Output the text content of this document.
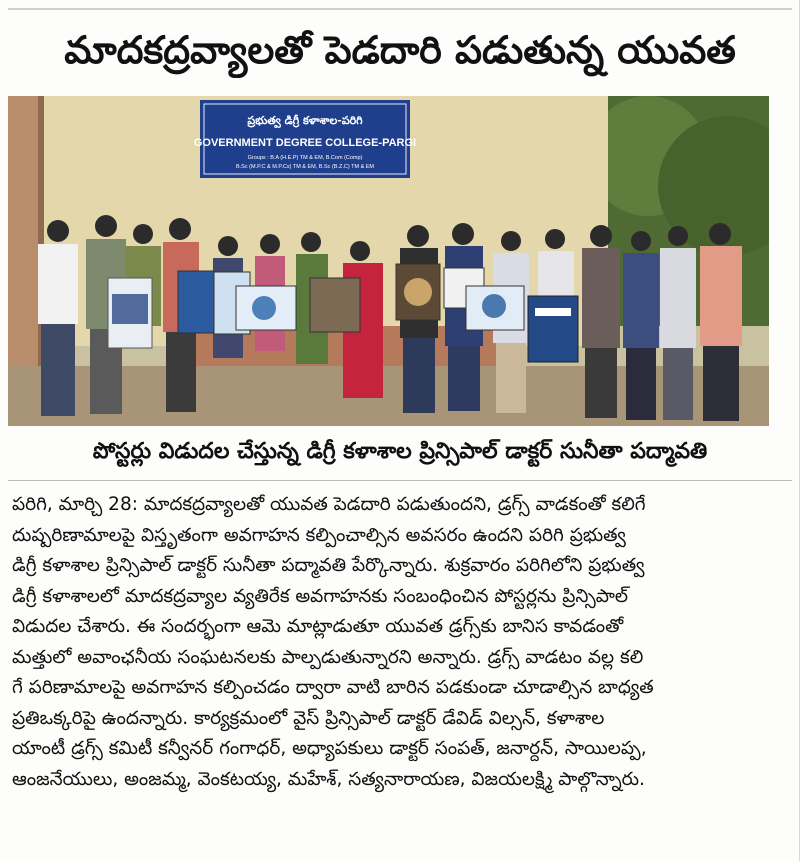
మాదకద్రవ్యాలతో పెడదారి పడుతున్న యువత
ప్రభుత్వ డిగ్రీ కళాశాల-పరిగి
GOVERNMENT DEGREE COLLEGE-PARGI
Groups : B.A (H.E.P) TM & EM, B.Com (Comp)
B.Sc (M.P.C & M.P.Cs) TM & EM, B.Sc (B.Z.C) TM & EM
పోస్టర్లు విడుదల చేస్తున్న డిగ్రీ కళాశాల ప్రిన్సిపాల్ డాక్టర్ సునీతా పద్మావతి
పరిగి, మార్చి 28: మాదకద్రవ్యాలతో యువత పెడదారి పడుతుందని, డ్రగ్స్ వాడకంతో కలిగే
దుష్పరిణామాలపై విస్తృతంగా అవగాహన కల్పించాల్సిన అవసరం ఉందని పరిగి ప్రభుత్వ
డిగ్రీ కళాశాల ప్రిన్సిపాల్ డాక్టర్ సునీతా పద్మావతి పేర్కొన్నారు. శుక్రవారం పరిగిలోని ప్రభుత్వ
డిగ్రీ కళాశాలలో మాదకద్రవ్యాల వ్యతిరేక అవగాహనకు సంబంధించిన పోస్టర్లను ప్రిన్సిపాల్
విడుదల చేశారు. ఈ సందర్భంగా ఆమె మాట్లాడుతూ యువత డ్రగ్స్‌కు బానిస కావడంతో
మత్తులో అవాంఛనీయ సంఘటనలకు పాల్పడుతున్నారని అన్నారు. డ్రగ్స్ వాడటం వల్ల కలి
గే పరిణామాలపై అవగాహన కల్పించడం ద్వారా వాటి బారిన పడకుండా చూడాల్సిన బాధ్యత
ప్రతిఒక్కరిపై ఉందన్నారు. కార్యక్రమంలో వైస్ ప్రిన్సిపాల్ డాక్టర్ డేవిడ్ విల్సన్, కళాశాల
యాంటీ డ్రగ్స్ కమిటీ కన్వీనర్ గంగాధర్, అధ్యాపకులు డాక్టర్ సంపత్, జనార్దన్, సాయిలప్ప,
ఆంజనేయులు, అంజమ్మ, వెంకటయ్య, మహేశ్, సత్యనారాయణ, విజయలక్ష్మి పాల్గొన్నారు.
